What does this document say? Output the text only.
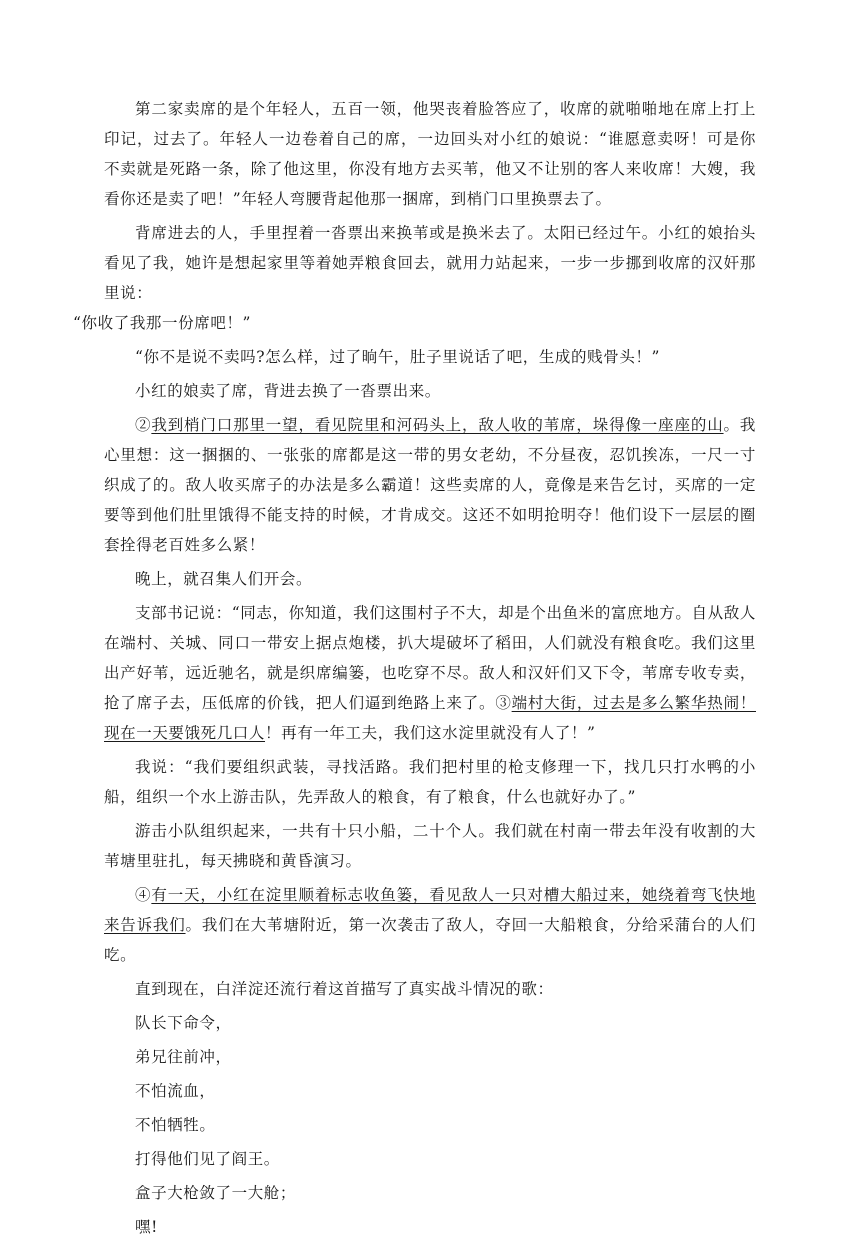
第二家卖席的是个年轻人，五百一领，他哭丧着脸答应了，收席的就啪啪地在席上打上印记，过去了。年轻人一边卷着自己的席，一边回头对小红的娘说：“谁愿意卖呀！可是你不卖就是死路一条，除了他这里，你没有地方去买苇，他又不让别的客人来收席！大嫂，我看你还是卖了吧！”年轻人弯腰背起他那一捆席，到梢门口里换票去了。

背席进去的人，手里捏着一沓票出来换苇或是换米去了。太阳已经过午。小红的娘抬头看见了我，她许是想起家里等着她弄粮食回去，就用力站起来，一步一步挪到收席的汉奸那里说：
“你收了我那一份席吧！”

“你不是说不卖吗?怎么样，过了晌午，肚子里说话了吧，生成的贱骨头！”

小红的娘卖了席，背进去换了一沓票出来。

②我到梢门口那里一望，看见院里和河码头上，敌人收的苇席，垛得像一座座的山。我心里想：这一捆捆的、一张张的席都是这一带的男女老幼，不分昼夜，忍饥挨冻，一尺一寸织成了的。敌人收买席子的办法是多么霸道！这些卖席的人，竟像是来告乞讨，买席的一定要等到他们肚里饿得不能支持的时候，才肯成交。这还不如明抢明夺！他们设下一层层的圈套拴得老百姓多么紧！

晚上，就召集人们开会。

支部书记说：“同志，你知道，我们这围村子不大，却是个出鱼米的富庶地方。自从敌人在端村、关城、同口一带安上据点炮楼，扒大堤破坏了稻田，人们就没有粮食吃。我们这里出产好苇，远近驰名，就是织席编篓，也吃穿不尽。敌人和汉奸们又下令，苇席专收专卖，抢了席子去，压低席的价钱，把人们逼到绝路上来了。③端村大街，过去是多么繁华热闹！现在一天要饿死几口人！再有一年工夫，我们这水淀里就没有人了！”

我说：“我们要组织武装，寻找活路。我们把村里的枪支修理一下，找几只打水鸭的小船，组织一个水上游击队，先弄敌人的粮食，有了粮食，什么也就好办了。”

游击小队组织起来，一共有十只小船，二十个人。我们就在村南一带去年没有收割的大苇塘里驻扎，每天拂晓和黄昏演习。

④有一天，小红在淀里顺着标志收鱼篓，看见敌人一只对槽大船过来，她绕着弯飞快地来告诉我们。我们在大苇塘附近，第一次袭击了敌人，夺回一大船粮食，分给采蒲台的人们吃。

直到现在，白洋淀还流行着这首描写了真实战斗情况的歌：

队长下命令，

弟兄往前冲，

不怕流血，

不怕牺牲。

打得他们见了阎王。

盒子大枪敛了一大舱；

嘿!
